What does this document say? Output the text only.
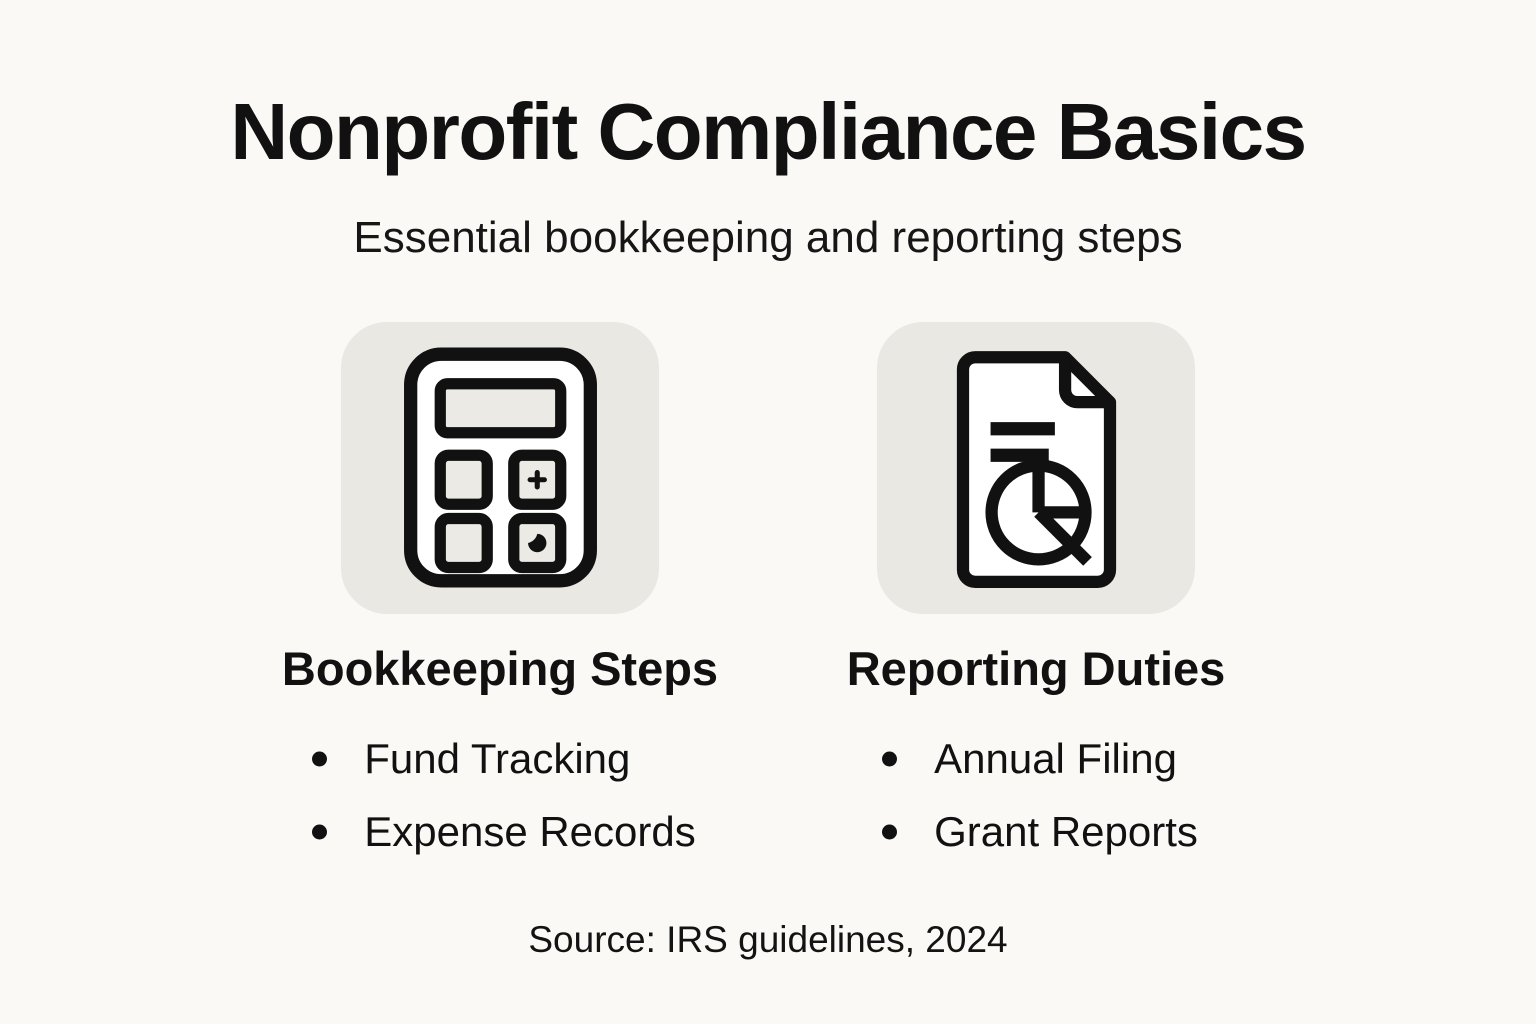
Nonprofit Compliance Basics

Essential bookkeeping and reporting steps

Bookkeeping Steps
Fund Tracking
Expense Records
Reporting Duties
Annual Filing
Grant Reports

Source: IRS guidelines, 2024
